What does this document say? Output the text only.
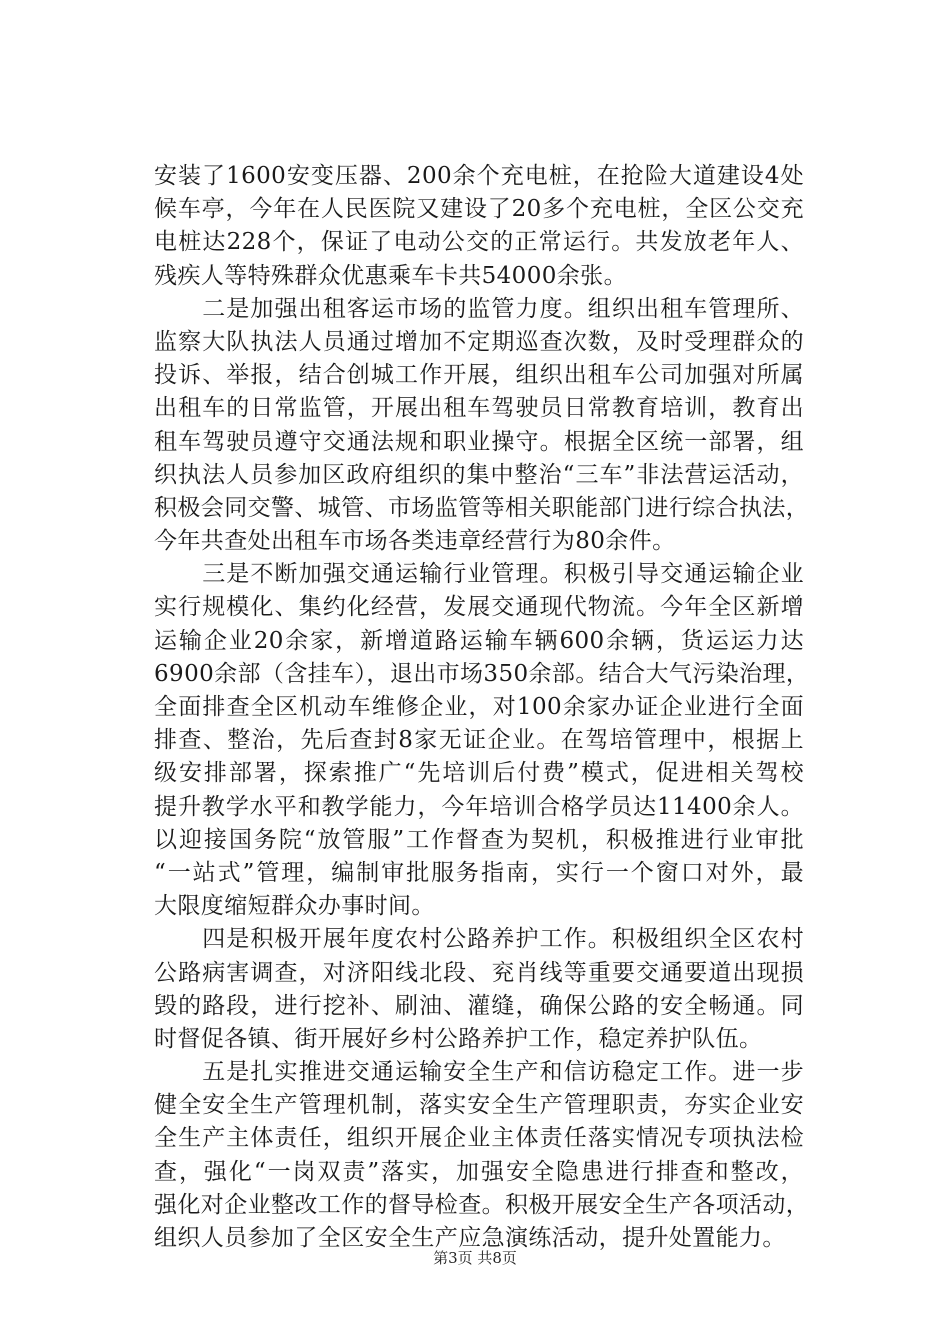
安装了1600安变压器、200余个充电桩，在抢险大道建设4处
候车亭，今年在人民医院又建设了20多个充电桩，全区公交充
电桩达228个，保证了电动公交的正常运行。共发放老年人、
残疾人等特殊群众优惠乘车卡共54000余张。
　　二是加强出租客运市场的监管力度。组织出租车管理所、
监察大队执法人员通过增加不定期巡查次数，及时受理群众的
投诉、举报，结合创城工作开展，组织出租车公司加强对所属
出租车的日常监管，开展出租车驾驶员日常教育培训，教育出
租车驾驶员遵守交通法规和职业操守。根据全区统一部署，组
织执法人员参加区政府组织的集中整治“三车”非法营运活动，
积极会同交警、城管、市场监管等相关职能部门进行综合执法，
今年共查处出租车市场各类违章经营行为80余件。
　　三是不断加强交通运输行业管理。积极引导交通运输企业
实行规模化、集约化经营，发展交通现代物流。今年全区新增
运输企业20余家，新增道路运输车辆600余辆，货运运力达
6900余部（含挂车），退出市场350余部。结合大气污染治理，
全面排查全区机动车维修企业，对100余家办证企业进行全面
排查、整治，先后查封8家无证企业。在驾培管理中，根据上
级安排部署，探索推广“先培训后付费”模式，促进相关驾校
提升教学水平和教学能力，今年培训合格学员达11400余人。
以迎接国务院“放管服”工作督查为契机，积极推进行业审批
“一站式”管理，编制审批服务指南，实行一个窗口对外，最
大限度缩短群众办事时间。
　　四是积极开展年度农村公路养护工作。积极组织全区农村
公路病害调查，对济阳线北段、兖肖线等重要交通要道出现损
毁的路段，进行挖补、刷油、灌缝，确保公路的安全畅通。同
时督促各镇、街开展好乡村公路养护工作，稳定养护队伍。
　　五是扎实推进交通运输安全生产和信访稳定工作。进一步
健全安全生产管理机制，落实安全生产管理职责，夯实企业安
全生产主体责任，组织开展企业主体责任落实情况专项执法检
查，强化“一岗双责”落实，加强安全隐患进行排查和整改，
强化对企业整改工作的督导检查。积极开展安全生产各项活动，
组织人员参加了全区安全生产应急演练活动，提升处置能力。
第3页 共8页
